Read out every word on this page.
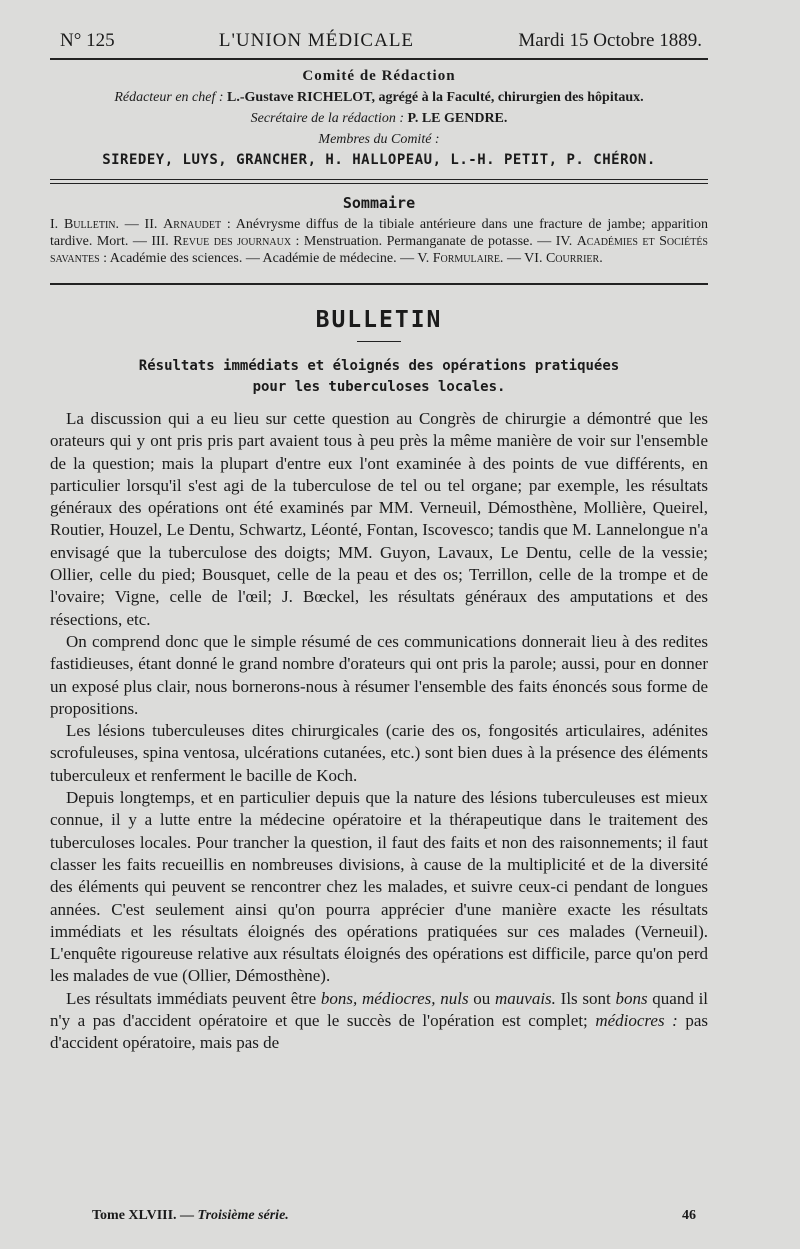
N° 125	L'UNION MÉDICALE	Mardi 15 Octobre 1889.
Comité de Rédaction
Rédacteur en chef : L.-Gustave RICHELOT, agrégé à la Faculté, chirurgien des hôpitaux.
Secrétaire de la rédaction : P. LE GENDRE.
Membres du Comité :
SIREDEY, LUYS, GRANCHER, H. HALLOPEAU, L.-H. PETIT, P. CHÉRON.
Sommaire
I. Bulletin. — II. Arnaudet : Anévrysme diffus de la tibiale antérieure dans une fracture de jambe; apparition tardive. Mort. — III. Revue des journaux : Menstruation. Permanganate de potasse. — IV. Académies et Sociétés savantes : Académie des sciences. — Académie de médecine. — V. Formulaire. — VI. Courrier.
BULLETIN
Résultats immédiats et éloignés des opérations pratiquées
pour les tuberculoses locales.

La discussion qui a eu lieu sur cette question au Congrès de chirurgie a démontré que les orateurs qui y ont pris pris part avaient tous à peu près la même manière de voir sur l'ensemble de la question; mais la plupart d'entre eux l'ont examinée à des points de vue différents, en particulier lorsqu'il s'est agi de la tuberculose de tel ou tel organe; par exemple, les résultats généraux des opérations ont été examinés par MM. Verneuil, Démosthène, Mollière, Queirel, Routier, Houzel, Le Dentu, Schwartz, Léonté, Fontan, Iscovesco; tandis que M. Lannelongue n'a envisagé que la tuberculose des doigts; MM. Guyon, Lavaux, Le Dentu, celle de la vessie; Ollier, celle du pied; Bousquet, celle de la peau et des os; Terrillon, celle de la trompe et de l'ovaire; Vigne, celle de l'œil; J. Bœckel, les résultats généraux des amputations et des résections, etc.

On comprend donc que le simple résumé de ces communications donnerait lieu à des redites fastidieuses, étant donné le grand nombre d'orateurs qui ont pris la parole; aussi, pour en donner un exposé plus clair, nous bornerons-nous à résumer l'ensemble des faits énoncés sous forme de propositions.

Les lésions tuberculeuses dites chirurgicales (carie des os, fongosités articulaires, adénites scrofuleuses, spina ventosa, ulcérations cutanées, etc.) sont bien dues à la présence des éléments tuberculeux et renferment le bacille de Koch.

Depuis longtemps, et en particulier depuis que la nature des lésions tuberculeuses est mieux connue, il y a lutte entre la médecine opératoire et la thérapeutique dans le traitement des tuberculoses locales. Pour trancher la question, il faut des faits et non des raisonnements; il faut classer les faits recueillis en nombreuses divisions, à cause de la multiplicité et de la diversité des éléments qui peuvent se rencontrer chez les malades, et suivre ceux-ci pendant de longues années. C'est seulement ainsi qu'on pourra apprécier d'une manière exacte les résultats immédiats et les résultats éloignés des opérations pratiquées sur ces malades (Verneuil). L'enquête rigoureuse relative aux résultats éloignés des opérations est difficile, parce qu'on perd les malades de vue (Ollier, Démosthène).

Les résultats immédiats peuvent être bons, médiocres, nuls ou mauvais. Ils sont bons quand il n'y a pas d'accident opératoire et que le succès de l'opération est complet; médiocres : pas d'accident opératoire, mais pas de

Tome XLVIII. — Troisième série.	46
